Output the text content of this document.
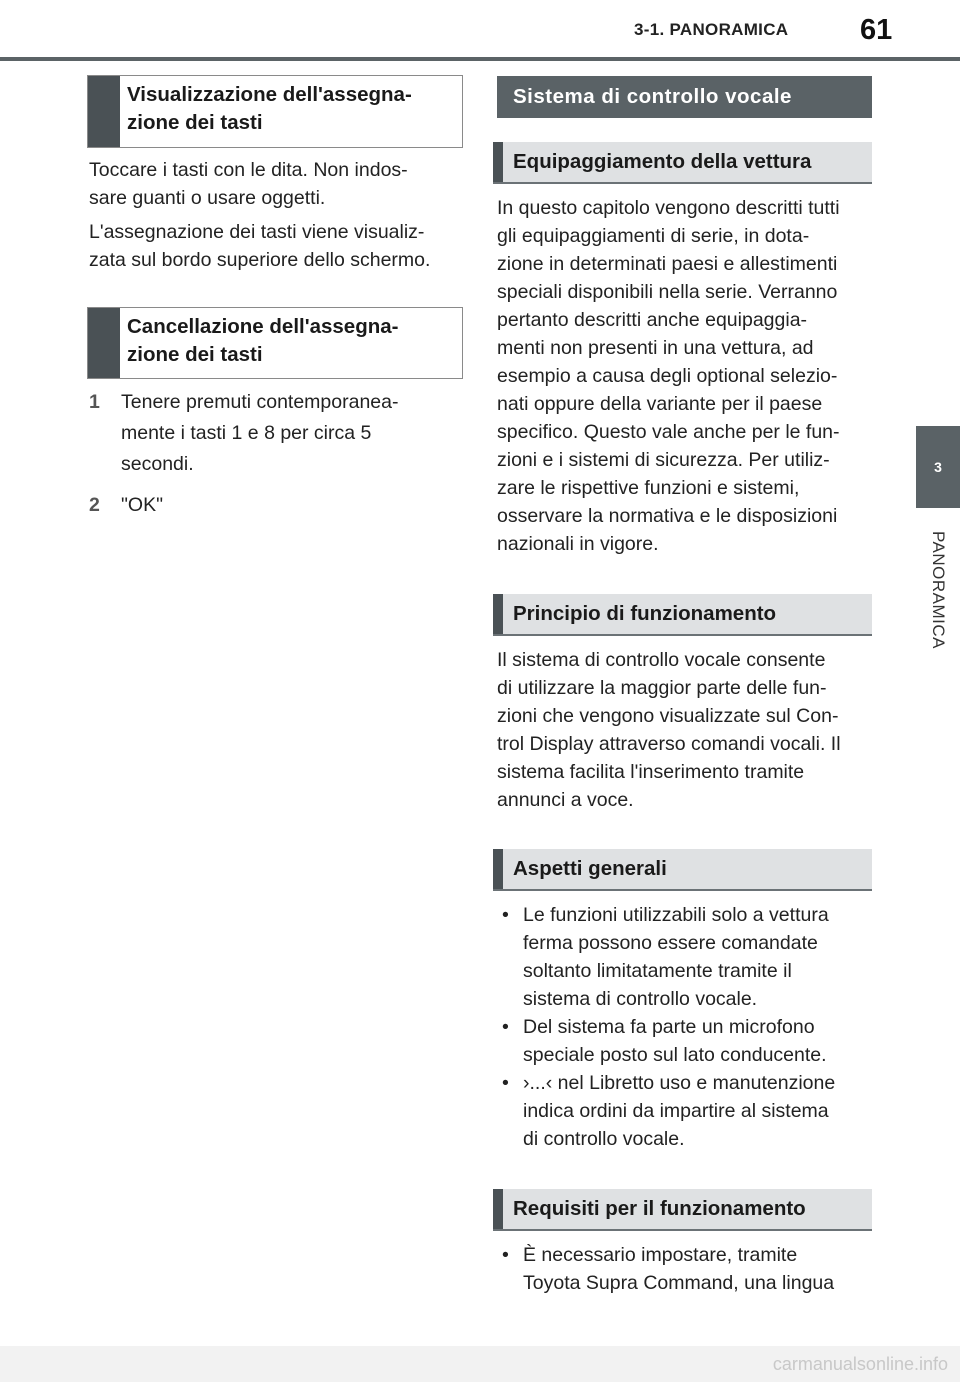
3-1. PANORAMICA 61
3
PANORAMICA
Visualizzazione dell'assegna-
zione dei tasti
Toccare i tasti con le dita. Non indos-
sare guanti o usare oggetti.
L'assegnazione dei tasti viene visualiz-
zata sul bordo superiore dello schermo.
Cancellazione dell'assegna-
zione dei tasti
1	Tenere premuti contemporanea-
mente i tasti 1 e 8 per circa 5
secondi.
2	"OK"
Sistema di controllo vocale
Equipaggiamento della vettura
In questo capitolo vengono descritti tutti
gli equipaggiamenti di serie, in dota-
zione in determinati paesi e allestimenti
speciali disponibili nella serie. Verranno
pertanto descritti anche equipaggia-
menti non presenti in una vettura, ad
esempio a causa degli optional selezio-
nati oppure della variante per il paese
specifico. Questo vale anche per le fun-
zioni e i sistemi di sicurezza. Per utiliz-
zare le rispettive funzioni e sistemi,
osservare la normativa e le disposizioni
nazionali in vigore.
Principio di funzionamento
Il sistema di controllo vocale consente
di utilizzare la maggior parte delle fun-
zioni che vengono visualizzate sul Con-
trol Display attraverso comandi vocali. Il
sistema facilita l'inserimento tramite
annunci a voce.
Aspetti generali
• Le funzioni utilizzabili solo a vettura
ferma possono essere comandate
soltanto limitatamente tramite il
sistema di controllo vocale.
• Del sistema fa parte un microfono
speciale posto sul lato conducente.
• ›...‹ nel Libretto uso e manutenzione
indica ordini da impartire al sistema
di controllo vocale.
Requisiti per il funzionamento
• È necessario impostare, tramite
Toyota Supra Command, una lingua
carmanualsonline.info
